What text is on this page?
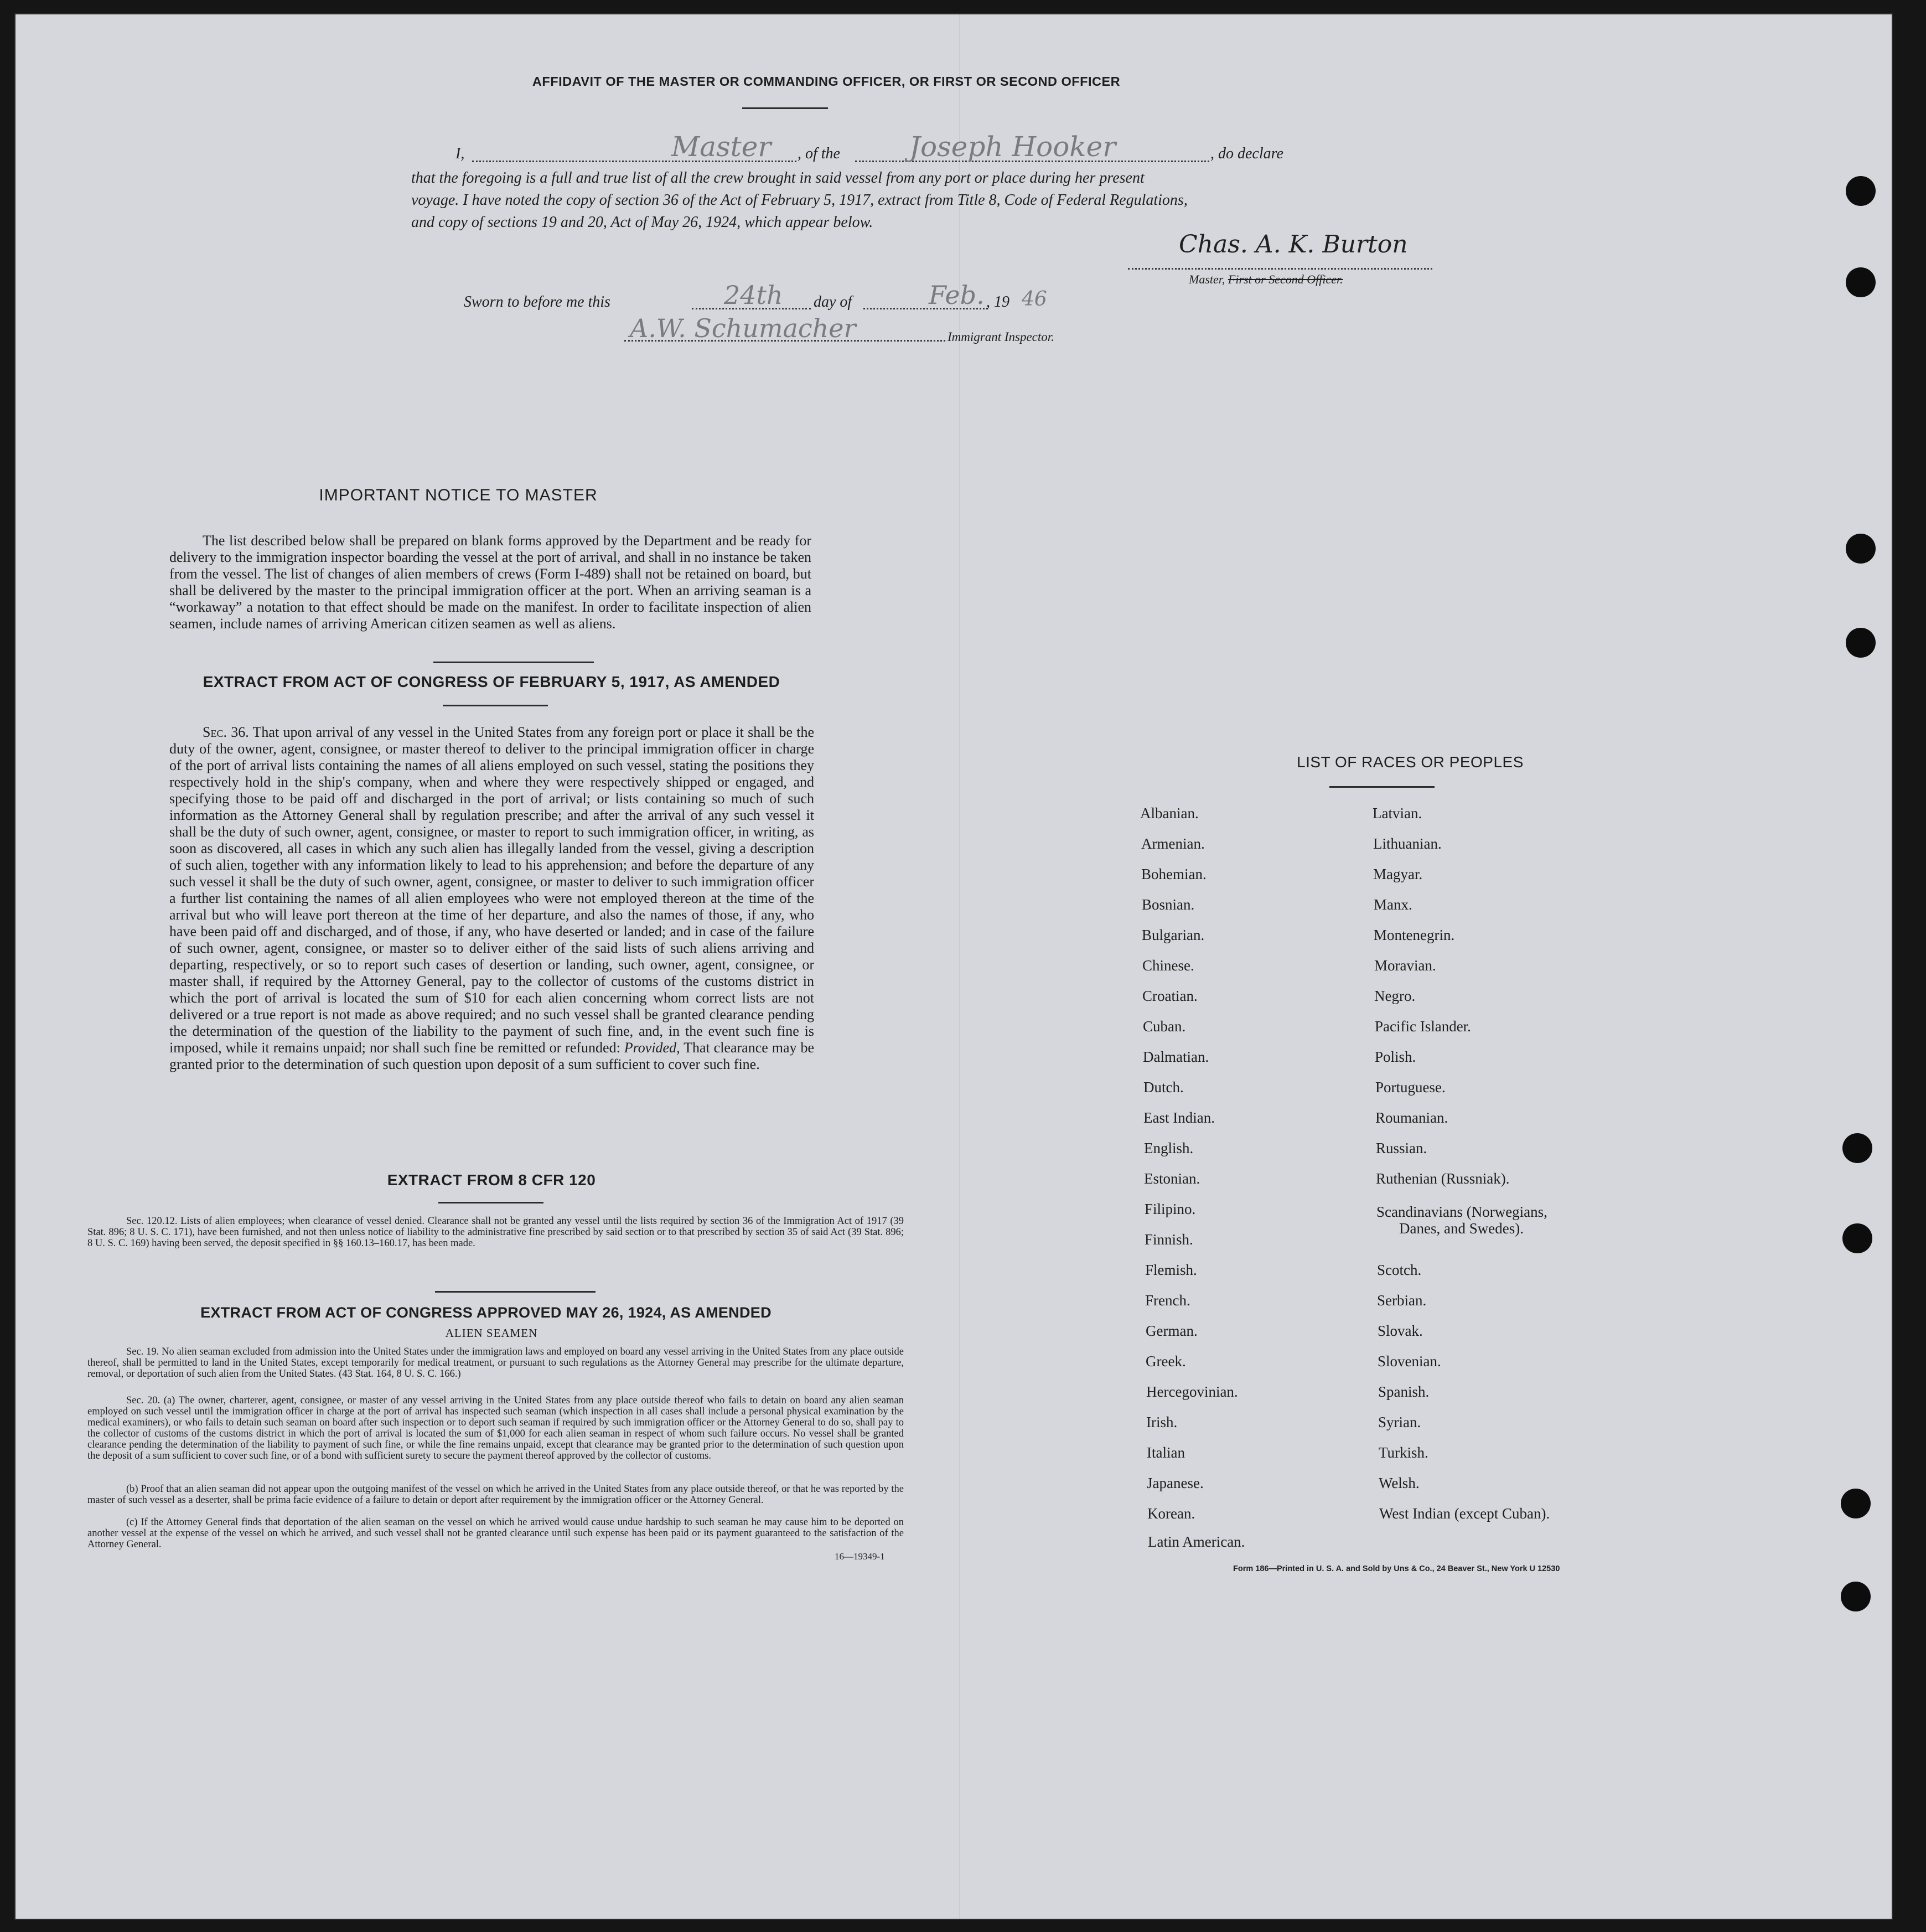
AFFIDAVIT OF THE MASTER OR COMMANDING OFFICER, OR FIRST OR SECOND OFFICER
I,	Master , of the	Joseph Hooker	, do declare
that the foregoing is a full and true list of all the crew brought in said vessel from any port or place during her present
voyage. I have noted the copy of section 36 of the Act of February 5, 1917, extract from Title 8, Code of Federal Regulations,
and copy of sections 19 and 20, Act of May 26, 1924, which appear below.
Chas. A. K. Burton
Master, First or Second Officer.
Sworn to before me this	24th day of	Feb. , 19 46
A.W. Schumacher	Immigrant Inspector.
IMPORTANT NOTICE TO MASTER
The list described below shall be prepared on blank forms approved by the Department and be ready for delivery to the immigration inspector boarding the vessel at the port of arrival, and shall in no instance be taken from the vessel. The list of changes of alien members of crews (Form I-489) shall not be retained on board, but shall be delivered by the master to the principal immigration officer at the port. When an arriving seaman is a “workaway” a notation to that effect should be made on the manifest. In order to facilitate inspection of alien seamen, include names of arriving American citizen seamen as well as aliens.
EXTRACT FROM ACT OF CONGRESS OF FEBRUARY 5, 1917, AS AMENDED
Sec. 36. That upon arrival of any vessel in the United States from any foreign port or place it shall be the duty of the owner, agent, consignee, or master thereof to deliver to the principal immigration officer in charge of the port of arrival lists containing the names of all aliens employed on such vessel, stating the positions they respectively hold in the ship's company, when and where they were respectively shipped or engaged, and specifying those to be paid off and discharged in the port of arrival; or lists containing so much of such information as the Attorney General shall by regulation prescribe; and after the arrival of any such vessel it shall be the duty of such owner, agent, consignee, or master to report to such immigration officer, in writing, as soon as discovered, all cases in which any such alien has illegally landed from the vessel, giving a description of such alien, together with any information likely to lead to his apprehension; and before the departure of any such vessel it shall be the duty of such owner, agent, consignee, or master to deliver to such immigration officer a further list containing the names of all alien employees who were not employed thereon at the time of the arrival but who will leave port thereon at the time of her departure, and also the names of those, if any, who have been paid off and discharged, and of those, if any, who have deserted or landed; and in case of the failure of such owner, agent, consignee, or master so to deliver either of the said lists of such aliens arriving and departing, respectively, or so to report such cases of desertion or landing, such owner, agent, consignee, or master shall, if required by the Attorney General, pay to the collector of customs of the customs district in which the port of arrival is located the sum of $10 for each alien concerning whom correct lists are not delivered or a true report is not made as above required; and no such vessel shall be granted clearance pending the determination of the question of the liability to the payment of such fine, and, in the event such fine is imposed, while it remains unpaid; nor shall such fine be remitted or refunded: Provided, That clearance may be granted prior to the determination of such question upon deposit of a sum sufficient to cover such fine.
EXTRACT FROM 8 CFR 120
Sec. 120.12. Lists of alien employees; when clearance of vessel denied. Clearance shall not be granted any vessel until the lists required by section 36 of the Immigration Act of 1917 (39 Stat. 896; 8 U. S. C. 171), have been furnished, and not then unless notice of liability to the administrative fine prescribed by said section or to that prescribed by section 35 of said Act (39 Stat. 896; 8 U. S. C. 169) having been served, the deposit specified in §§ 160.13–160.17, has been made.
EXTRACT FROM ACT OF CONGRESS APPROVED MAY 26, 1924, AS AMENDED
ALIEN SEAMEN
Sec. 19. No alien seaman excluded from admission into the United States under the immigration laws and employed on board any vessel arriving in the United States from any place outside thereof, shall be permitted to land in the United States, except temporarily for medical treatment, or pursuant to such regulations as the Attorney General may prescribe for the ultimate departure, removal, or deportation of such alien from the United States. (43 Stat. 164, 8 U. S. C. 166.)
Sec. 20. (a) The owner, charterer, agent, consignee, or master of any vessel arriving in the United States from any place outside thereof who fails to detain on board any alien seaman employed on such vessel until the immigration officer in charge at the port of arrival has inspected such seaman (which inspection in all cases shall include a personal physical examination by the medical examiners), or who fails to detain such seaman on board after such inspection or to deport such seaman if required by such immigration officer or the Attorney General to do so, shall pay to the collector of customs of the customs district in which the port of arrival is located the sum of $1,000 for each alien seaman in respect of whom such failure occurs. No vessel shall be granted clearance pending the determination of the liability to payment of such fine, or while the fine remains unpaid, except that clearance may be granted prior to the determination of such question upon the deposit of a sum sufficient to cover such fine, or of a bond with sufficient surety to secure the payment thereof approved by the collector of customs.
(b) Proof that an alien seaman did not appear upon the outgoing manifest of the vessel on which he arrived in the United States from any place outside thereof, or that he was reported by the master of such vessel as a deserter, shall be prima facie evidence of a failure to detain or deport after requirement by the immigration officer or the Attorney General.
(c) If the Attorney General finds that deportation of the alien seaman on the vessel on which he arrived would cause undue hardship to such seaman he may cause him to be deported on another vessel at the expense of the vessel on which he arrived, and such vessel shall not be granted clearance until such expense has been paid or its payment guaranteed to the satisfaction of the Attorney General.
16—19349-1
LIST OF RACES OR PEOPLES
Albanian.
Armenian.
Bohemian.
Bosnian.
Bulgarian.
Chinese.
Croatian.
Cuban.
Dalmatian.
Dutch.
East Indian.
English.
Estonian.
Filipino.
Finnish.
Flemish.
French.
German.
Greek.
Hercegovinian.
Irish.
Italian
Japanese.
Korean.
Latin American.
Latvian.
Lithuanian.
Magyar.
Manx.
Montenegrin.
Moravian.
Negro.
Pacific Islander.
Polish.
Portuguese.
Roumanian.
Russian.
Ruthenian (Russniak).
Scandinavians (Norwegians,
Danes, and Swedes).
Scotch.
Serbian.
Slovak.
Slovenian.
Spanish.
Syrian.
Turkish.
Welsh.
West Indian (except Cuban).
Form 186—Printed in U. S. A. and Sold by Uns & Co., 24 Beaver St., New York U 12530
